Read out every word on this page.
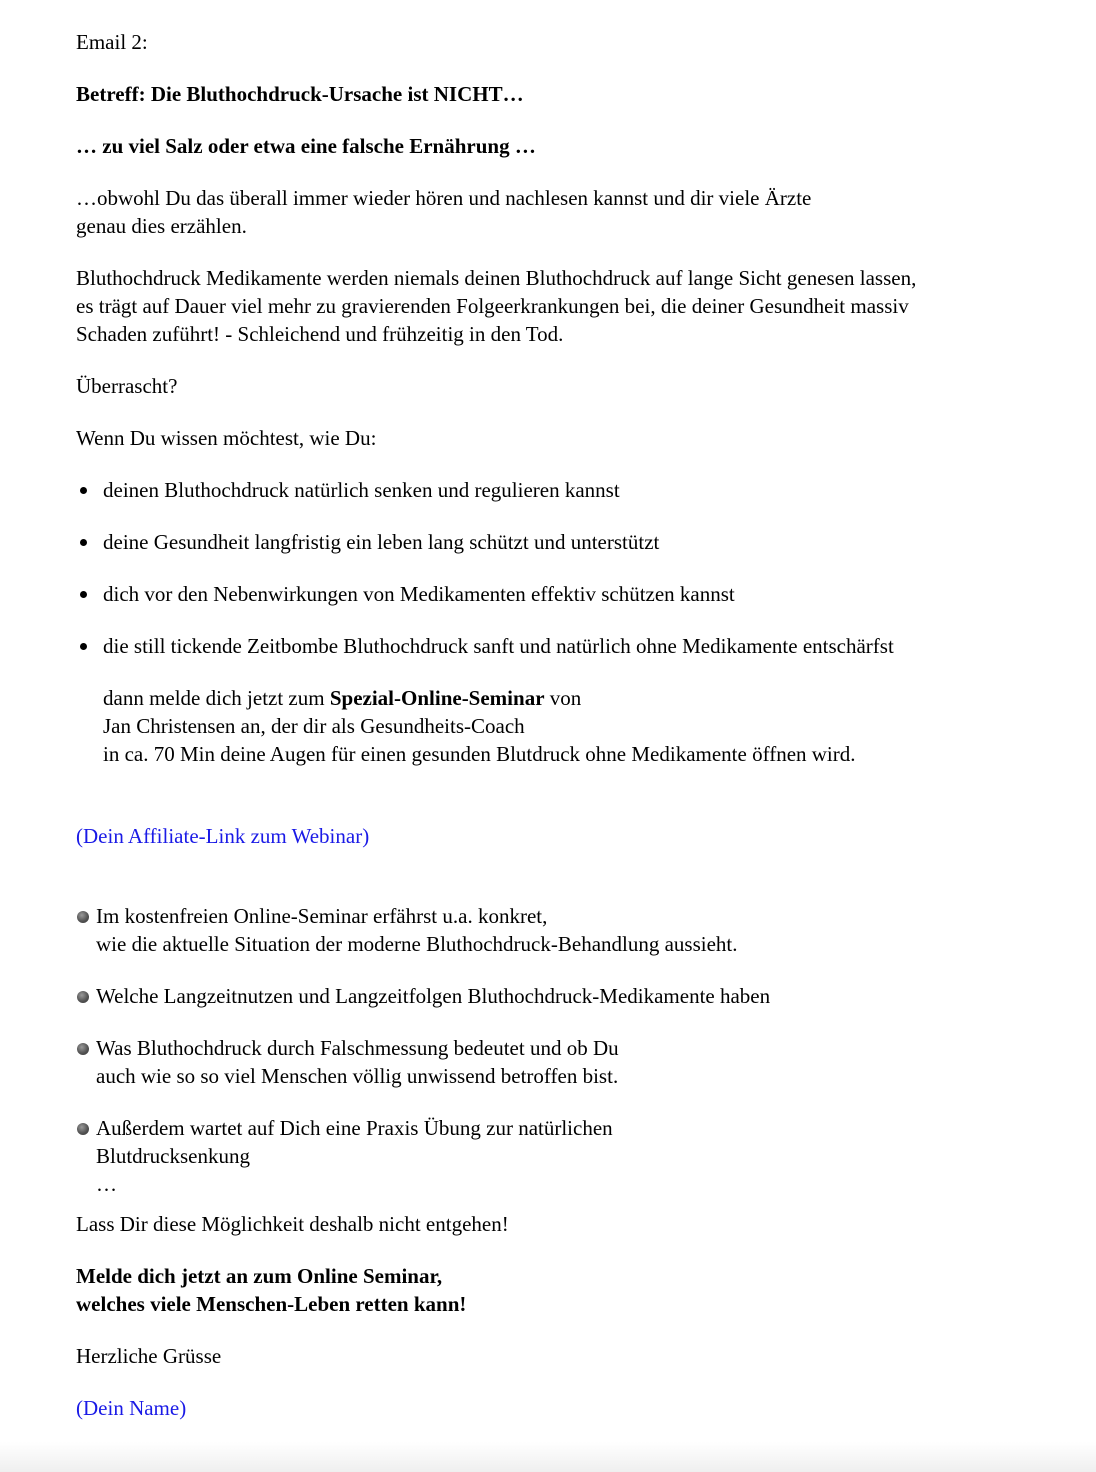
Email 2:

Betreff: Die Bluthochdruck-Ursache ist NICHT…

… zu viel Salz oder etwa eine falsche Ernährung …

…obwohl Du das überall immer wieder hören und nachlesen kannst und dir viele Ärzte
genau dies erzählen.

Bluthochdruck Medikamente werden niemals deinen Bluthochdruck auf lange Sicht genesen lassen,
es trägt auf Dauer viel mehr zu gravierenden Folgeerkrankungen bei, die deiner Gesundheit massiv
Schaden zuführt! - Schleichend und frühzeitig in den Tod.

Überrascht?

Wenn Du wissen möchtest, wie Du:

deinen Bluthochdruck natürlich senken und regulieren kannst
deine Gesundheit langfristig ein leben lang schützt und unterstützt
dich vor den Nebenwirkungen von Medikamenten effektiv schützen kannst
die still tickende Zeitbombe Bluthochdruck sanft und natürlich ohne Medikamente entschärfst
dann melde dich jetzt zum Spezial-Online-Seminar von
Jan Christensen an, der dir als Gesundheits-Coach
in ca. 70 Min deine Augen für einen gesunden Blutdruck ohne Medikamente öffnen wird.

(Dein Affiliate-Link zum Webinar)

Im kostenfreien Online-Seminar erfährst u.a. konkret,
wie die aktuelle Situation der moderne Bluthochdruck-Behandlung aussieht.
Welche Langzeitnutzen und Langzeitfolgen Bluthochdruck-Medikamente haben
Was Bluthochdruck durch Falschmessung bedeutet und ob Du
auch wie so so viel Menschen völlig unwissend betroffen bist.
Außerdem wartet auf Dich eine Praxis Übung zur natürlichen
Blutdrucksenkung
…

Lass Dir diese Möglichkeit deshalb nicht entgehen!

Melde dich jetzt an zum Online Seminar,
welches viele Menschen-Leben retten kann!

Herzliche Grüsse

(Dein Name)
